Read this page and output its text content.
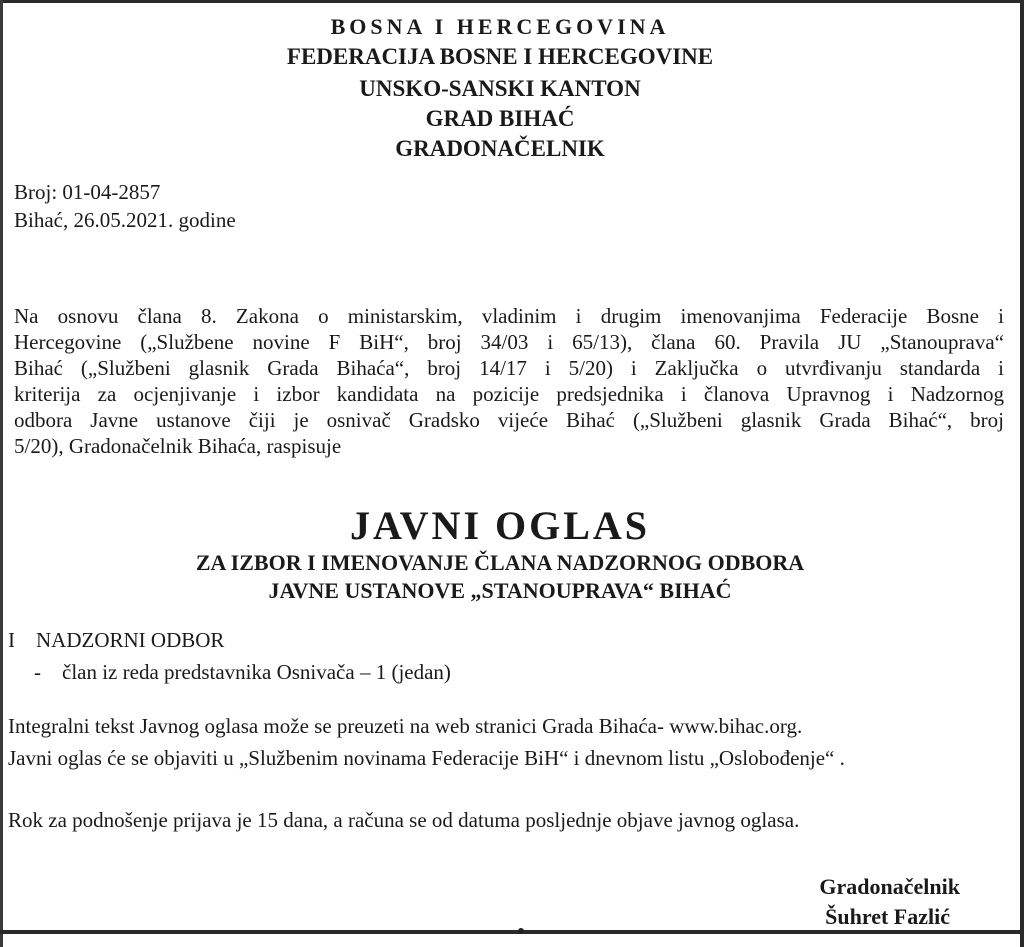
BOSNA I HERCEGOVINA
FEDERACIJA BOSNE I HERCEGOVINE
UNSKO-SANSKI KANTON
GRAD BIHAĆ
GRADONAČELNIK
Broj: 01-04-2857
Bihać, 26.05.2021. godine
Na osnovu člana 8. Zakona o ministarskim, vladinim i drugim imenovanjima Federacije Bosne i
Hercegovine („Službene novine F BiH“, broj 34/03 i 65/13), člana 60. Pravila JU „Stanouprava“
Bihać („Službeni glasnik Grada Bihaća“, broj 14/17 i 5/20) i Zaključka o utvrđivanju standarda i
kriterija za ocjenjivanje i izbor kandidata na pozicije predsjednika i članova Upravnog i Nadzornog
odbora Javne ustanove čiji je osnivač Gradsko vijeće Bihać („Službeni glasnik Grada Bihać“, broj
5/20), Gradonačelnik Bihaća, raspisuje
JAVNI OGLAS
ZA IZBOR I IMENOVANJE ČLANA NADZORNOG ODBORA
JAVNE USTANOVE „STANOUPRAVA“ BIHAĆ
I NADZORNI ODBOR
- član iz reda predstavnika Osnivača – 1 (jedan)
Integralni tekst Javnog oglasa može se preuzeti na web stranici Grada Bihaća- www.bihac.org.
Javni oglas će se objaviti u „Službenim novinama Federacije BiH“ i dnevnom listu „Oslobođenje“ .
Rok za podnošenje prijava je 15 dana, a računa se od datuma posljednje objave javnog oglasa.
Gradonačelnik
Šuhret Fazlić
